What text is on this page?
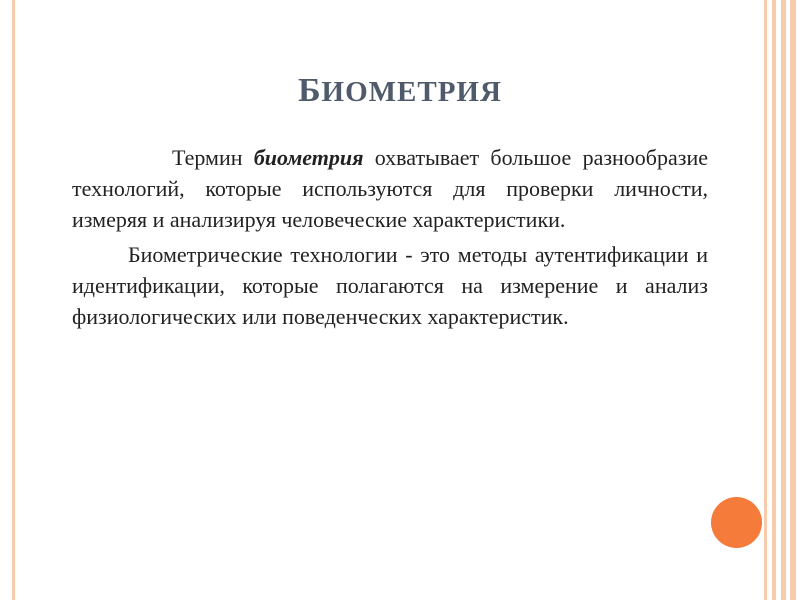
БИОМЕТРИЯ

Термин биометрия охватывает большое разнообразие технологий, которые используются для проверки личности, измеряя и анализируя человеческие характеристики.

Биометрические технологии - это методы аутентификации и идентификации, которые полагаются на измерение и анализ физиологических или поведенческих характеристик.
